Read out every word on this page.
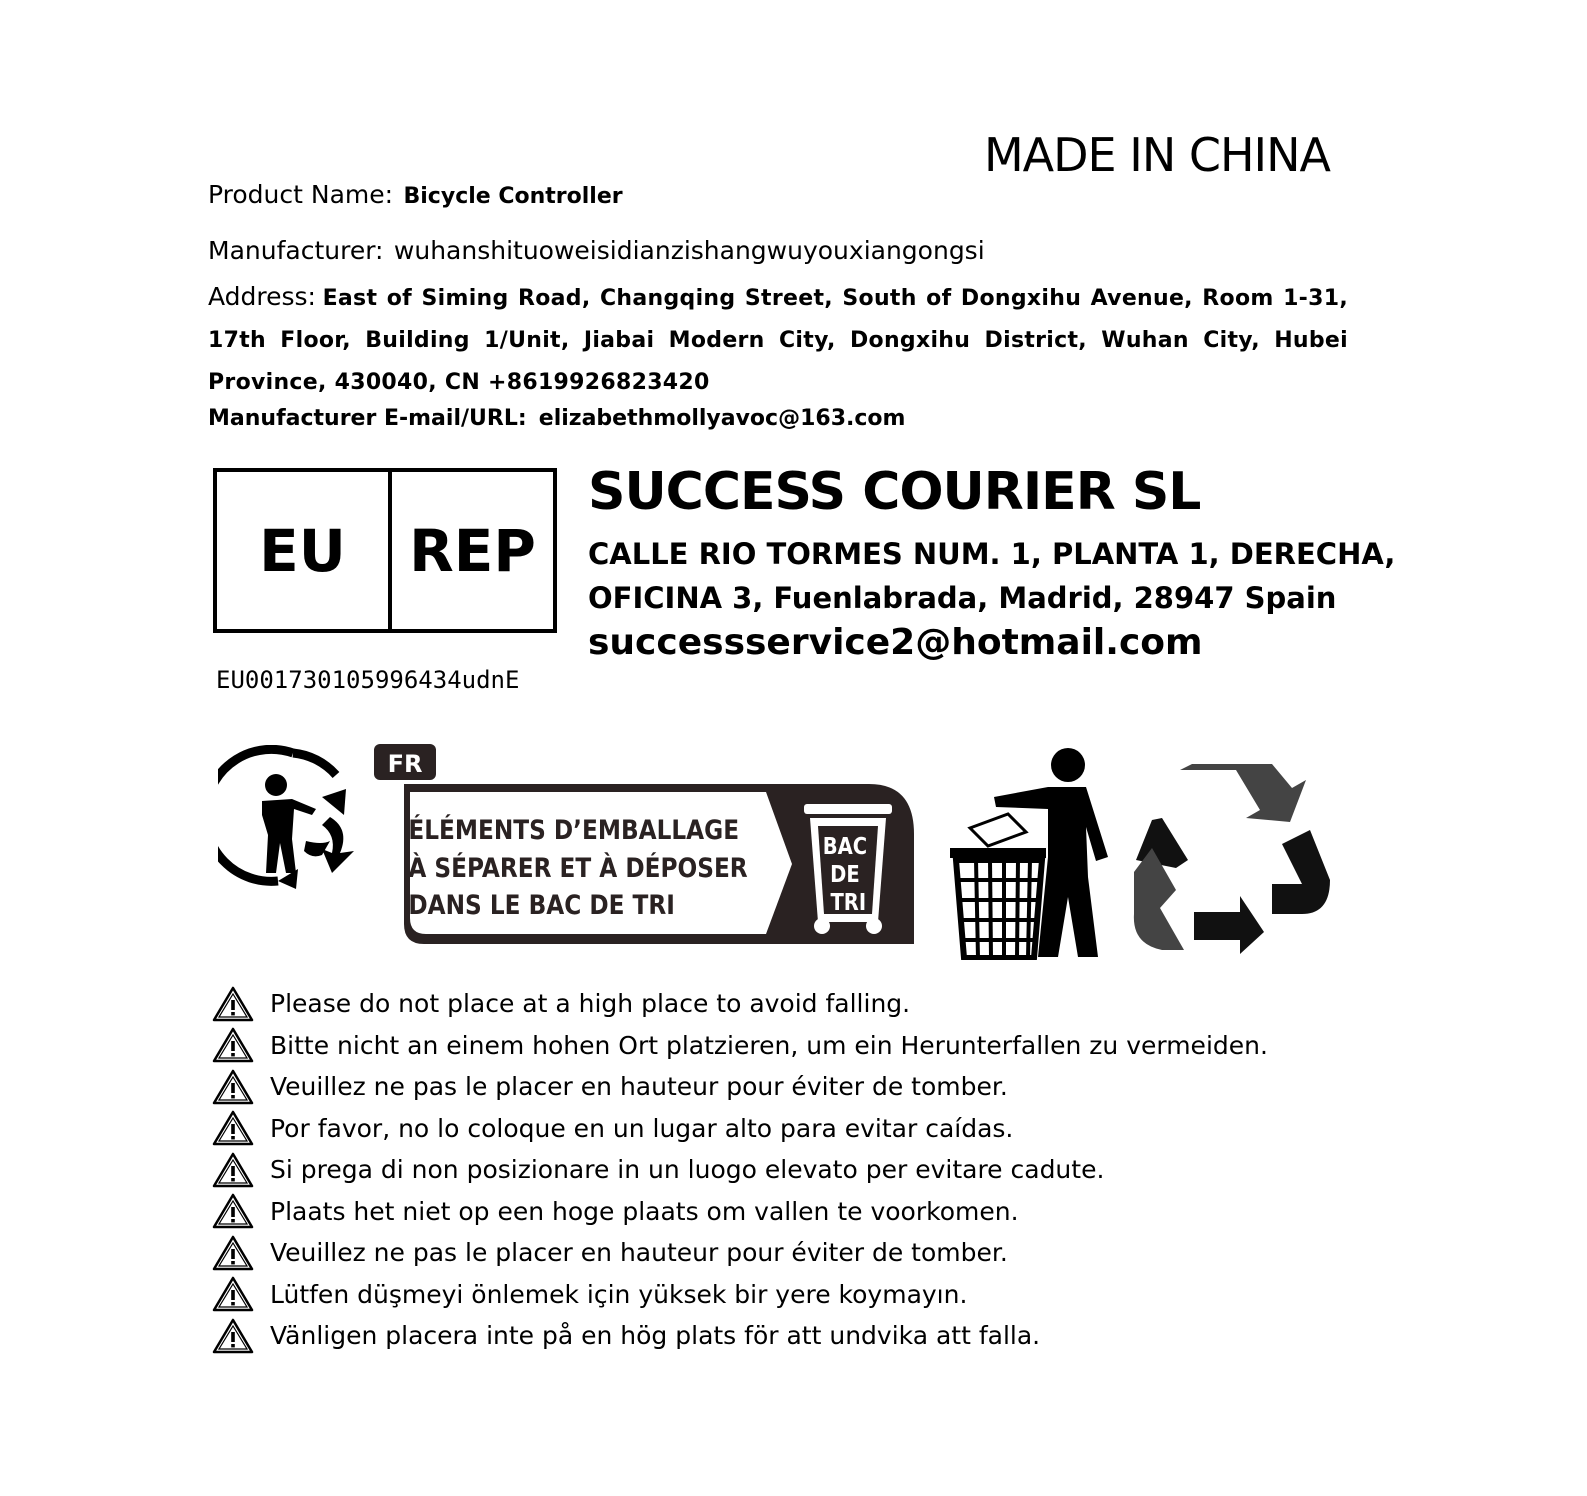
MADE IN CHINA
Product Name: Bicycle Controller
Manufacturer: wuhanshituoweisidianzishangwuyouxiangongsi

Address: East of Siming Road, Changqing Street, South of Dongxihu Avenue, Room 1-31, 17th Floor, Building 1/Unit, Jiabai Modern City, Dongxihu District, Wuhan City, Hubei Province, 430040, CN +8619926823420

Manufacturer E-mail/URL: elizabethmollyavoc@163.com
EU	REP
EU001730105996434udnE
SUCCESS COURIER SL
CALLE RIO TORMES NUM. 1, PLANTA 1, DERECHA,
OFICINA 3, Fuenlabrada, Madrid, 28947 Spain
successservice2@hotmail.com
FR
ÉLÉMENTS D’EMBALLAGE À SÉPARER ET À DÉPOSER DANS LE BAC DE TRI
BAC DE TRI
Please do not place at a high place to avoid falling.
Bitte nicht an einem hohen Ort platzieren, um ein Herunterfallen zu vermeiden.
Veuillez ne pas le placer en hauteur pour éviter de tomber.
Por favor, no lo coloque en un lugar alto para evitar caídas.
Si prega di non posizionare in un luogo elevato per evitare cadute.
Plaats het niet op een hoge plaats om vallen te voorkomen.
Veuillez ne pas le placer en hauteur pour éviter de tomber.
Lütfen düşmeyi önlemek için yüksek bir yere koymayın.
Vänligen placera inte på en hög plats för att undvika att falla.
